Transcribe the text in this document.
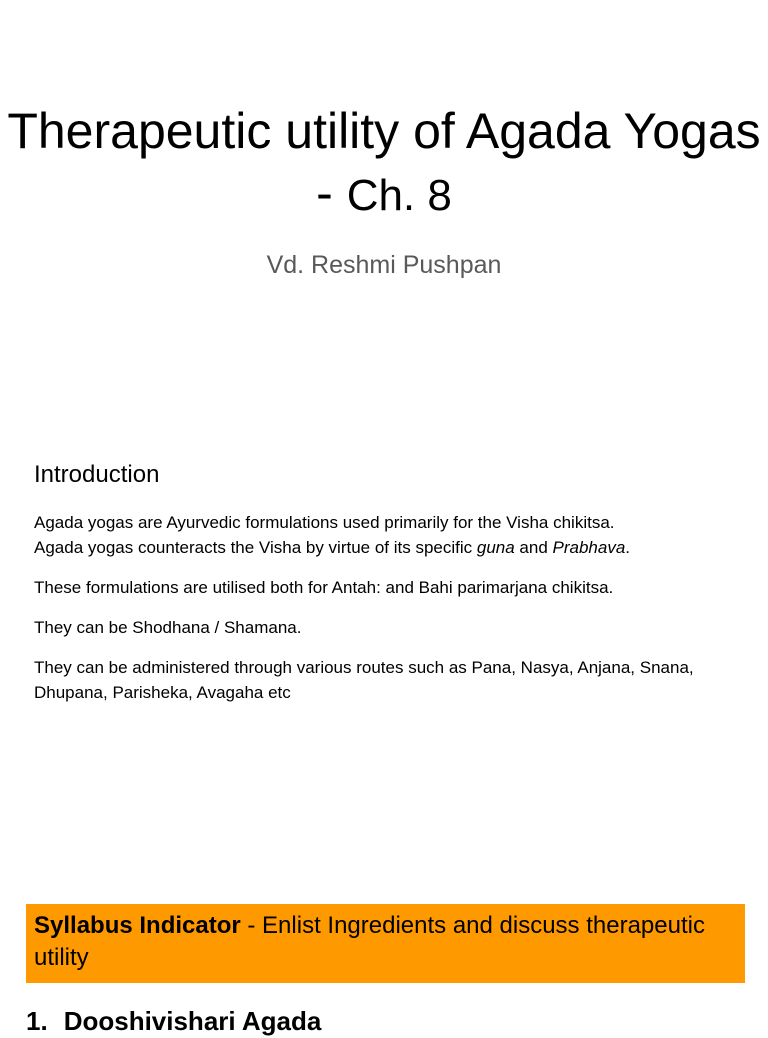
Therapeutic utility of Agada Yogas - Ch. 8
Vd. Reshmi Pushpan
Introduction

Agada yogas are Ayurvedic formulations used primarily for the Visha chikitsa.
Agada yogas counteracts the Visha by virtue of its specific guna and Prabhava.

These formulations are utilised both for Antah: and Bahi parimarjana chikitsa.

They can be Shodhana / Shamana.

They can be administered through various routes such as Pana, Nasya, Anjana, Snana, Dhupana, Parisheka, Avagaha etc

Syllabus Indicator - Enlist Ingredients and discuss therapeutic utility
1. Dooshivishari Agada
